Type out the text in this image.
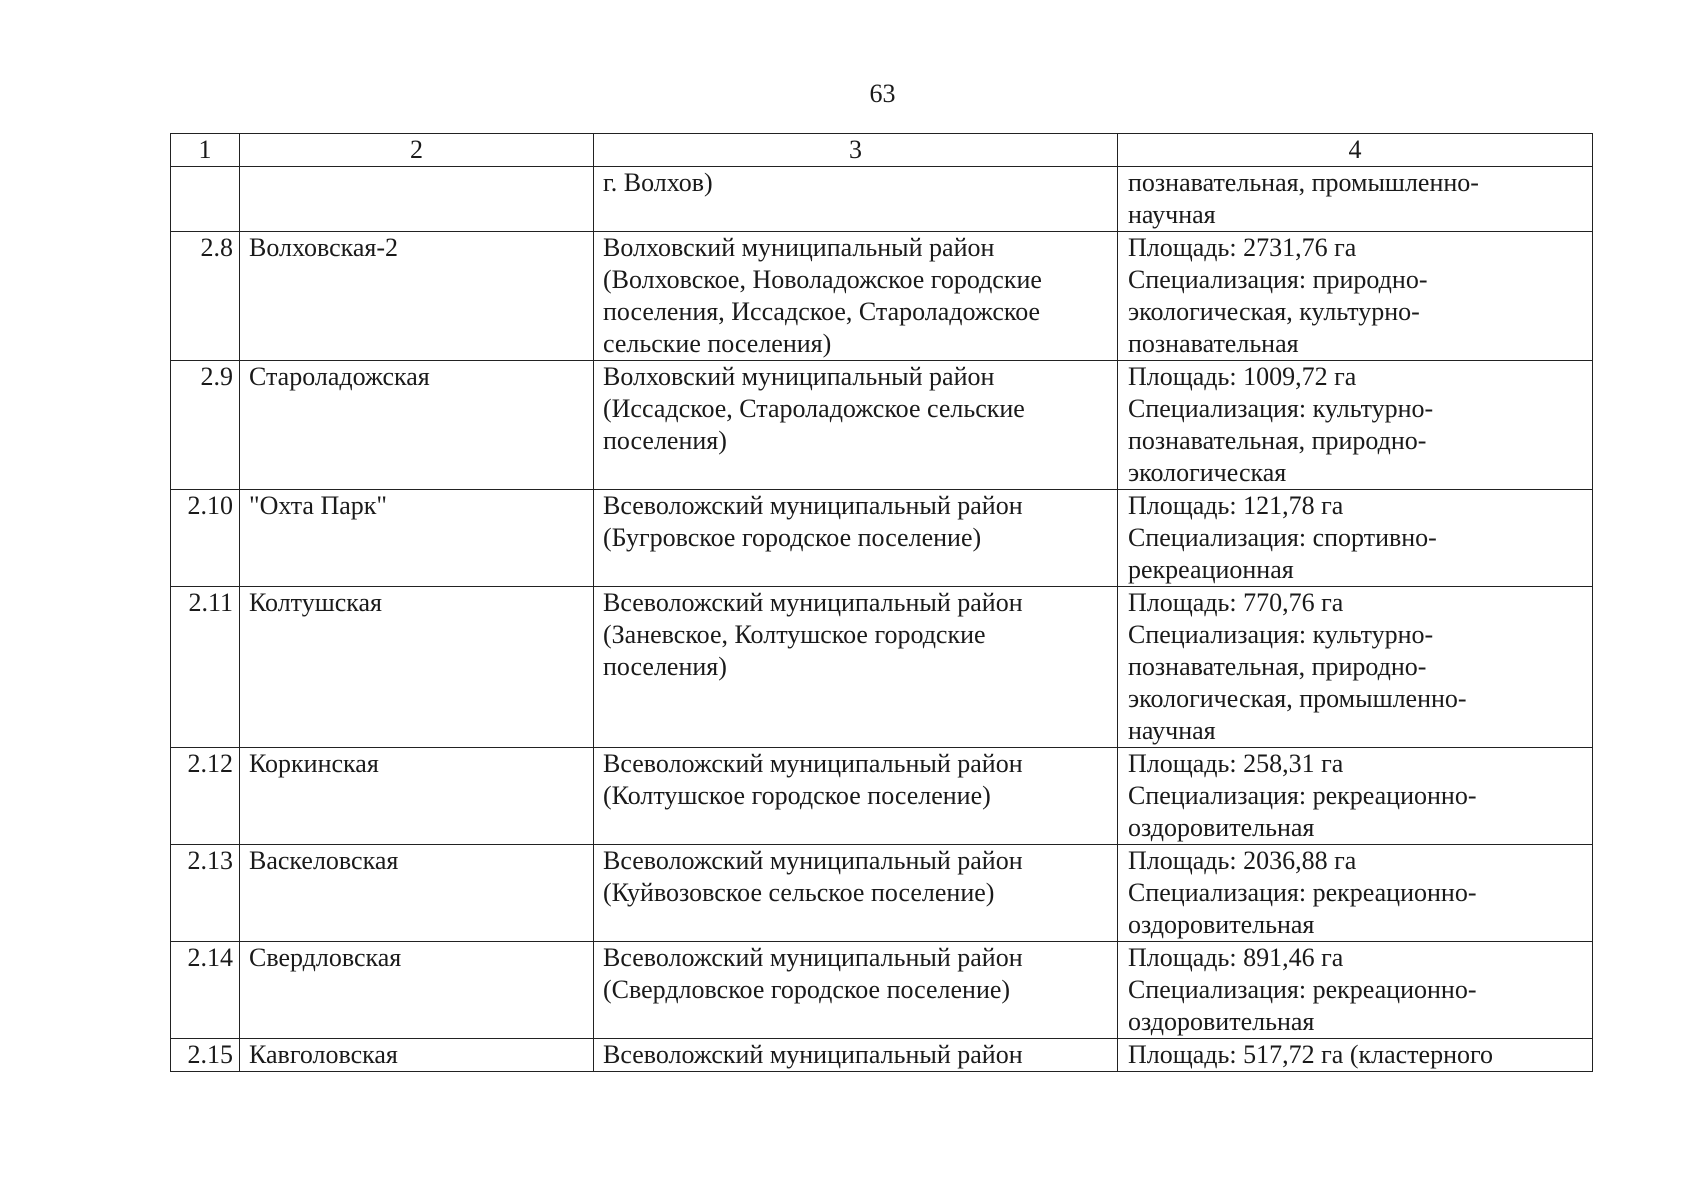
63
1	2	3	4

		г. Волхов)	познавательная, промышленно-
научная

2.8	Волховская-2	Волховский муниципальный район
(Волховское, Новоладожское городские
поселения, Иссадское, Староладожское
сельские поселения)	Площадь: 2731,76 га
Специализация: природно-
экологическая, культурно-
познавательная

2.9	Староладожская	Волховский муниципальный район
(Иссадское, Староладожское сельские
поселения)	Площадь: 1009,72 га
Специализация: культурно-
познавательная, природно-
экологическая

2.10	"Охта Парк"	Всеволожский муниципальный район
(Бугровское городское поселение)	Площадь: 121,78 га
Специализация: спортивно-
рекреационная

2.11	Колтушская	Всеволожский муниципальный район
(Заневское, Колтушское городские
поселения)	Площадь: 770,76 га
Специализация: культурно-
познавательная, природно-
экологическая, промышленно-
научная

2.12	Коркинская	Всеволожский муниципальный район
(Колтушское городское поселение)	Площадь: 258,31 га
Специализация: рекреационно-
оздоровительная

2.13	Васкеловская	Всеволожский муниципальный район
(Куйвозовское сельское поселение)	Площадь: 2036,88 га
Специализация: рекреационно-
оздоровительная

2.14	Свердловская	Всеволожский муниципальный район
(Свердловское городское поселение)	Площадь: 891,46 га
Специализация: рекреационно-
оздоровительная

2.15	Кавголовская	Всеволожский муниципальный район	Площадь: 517,72 га (кластерного
